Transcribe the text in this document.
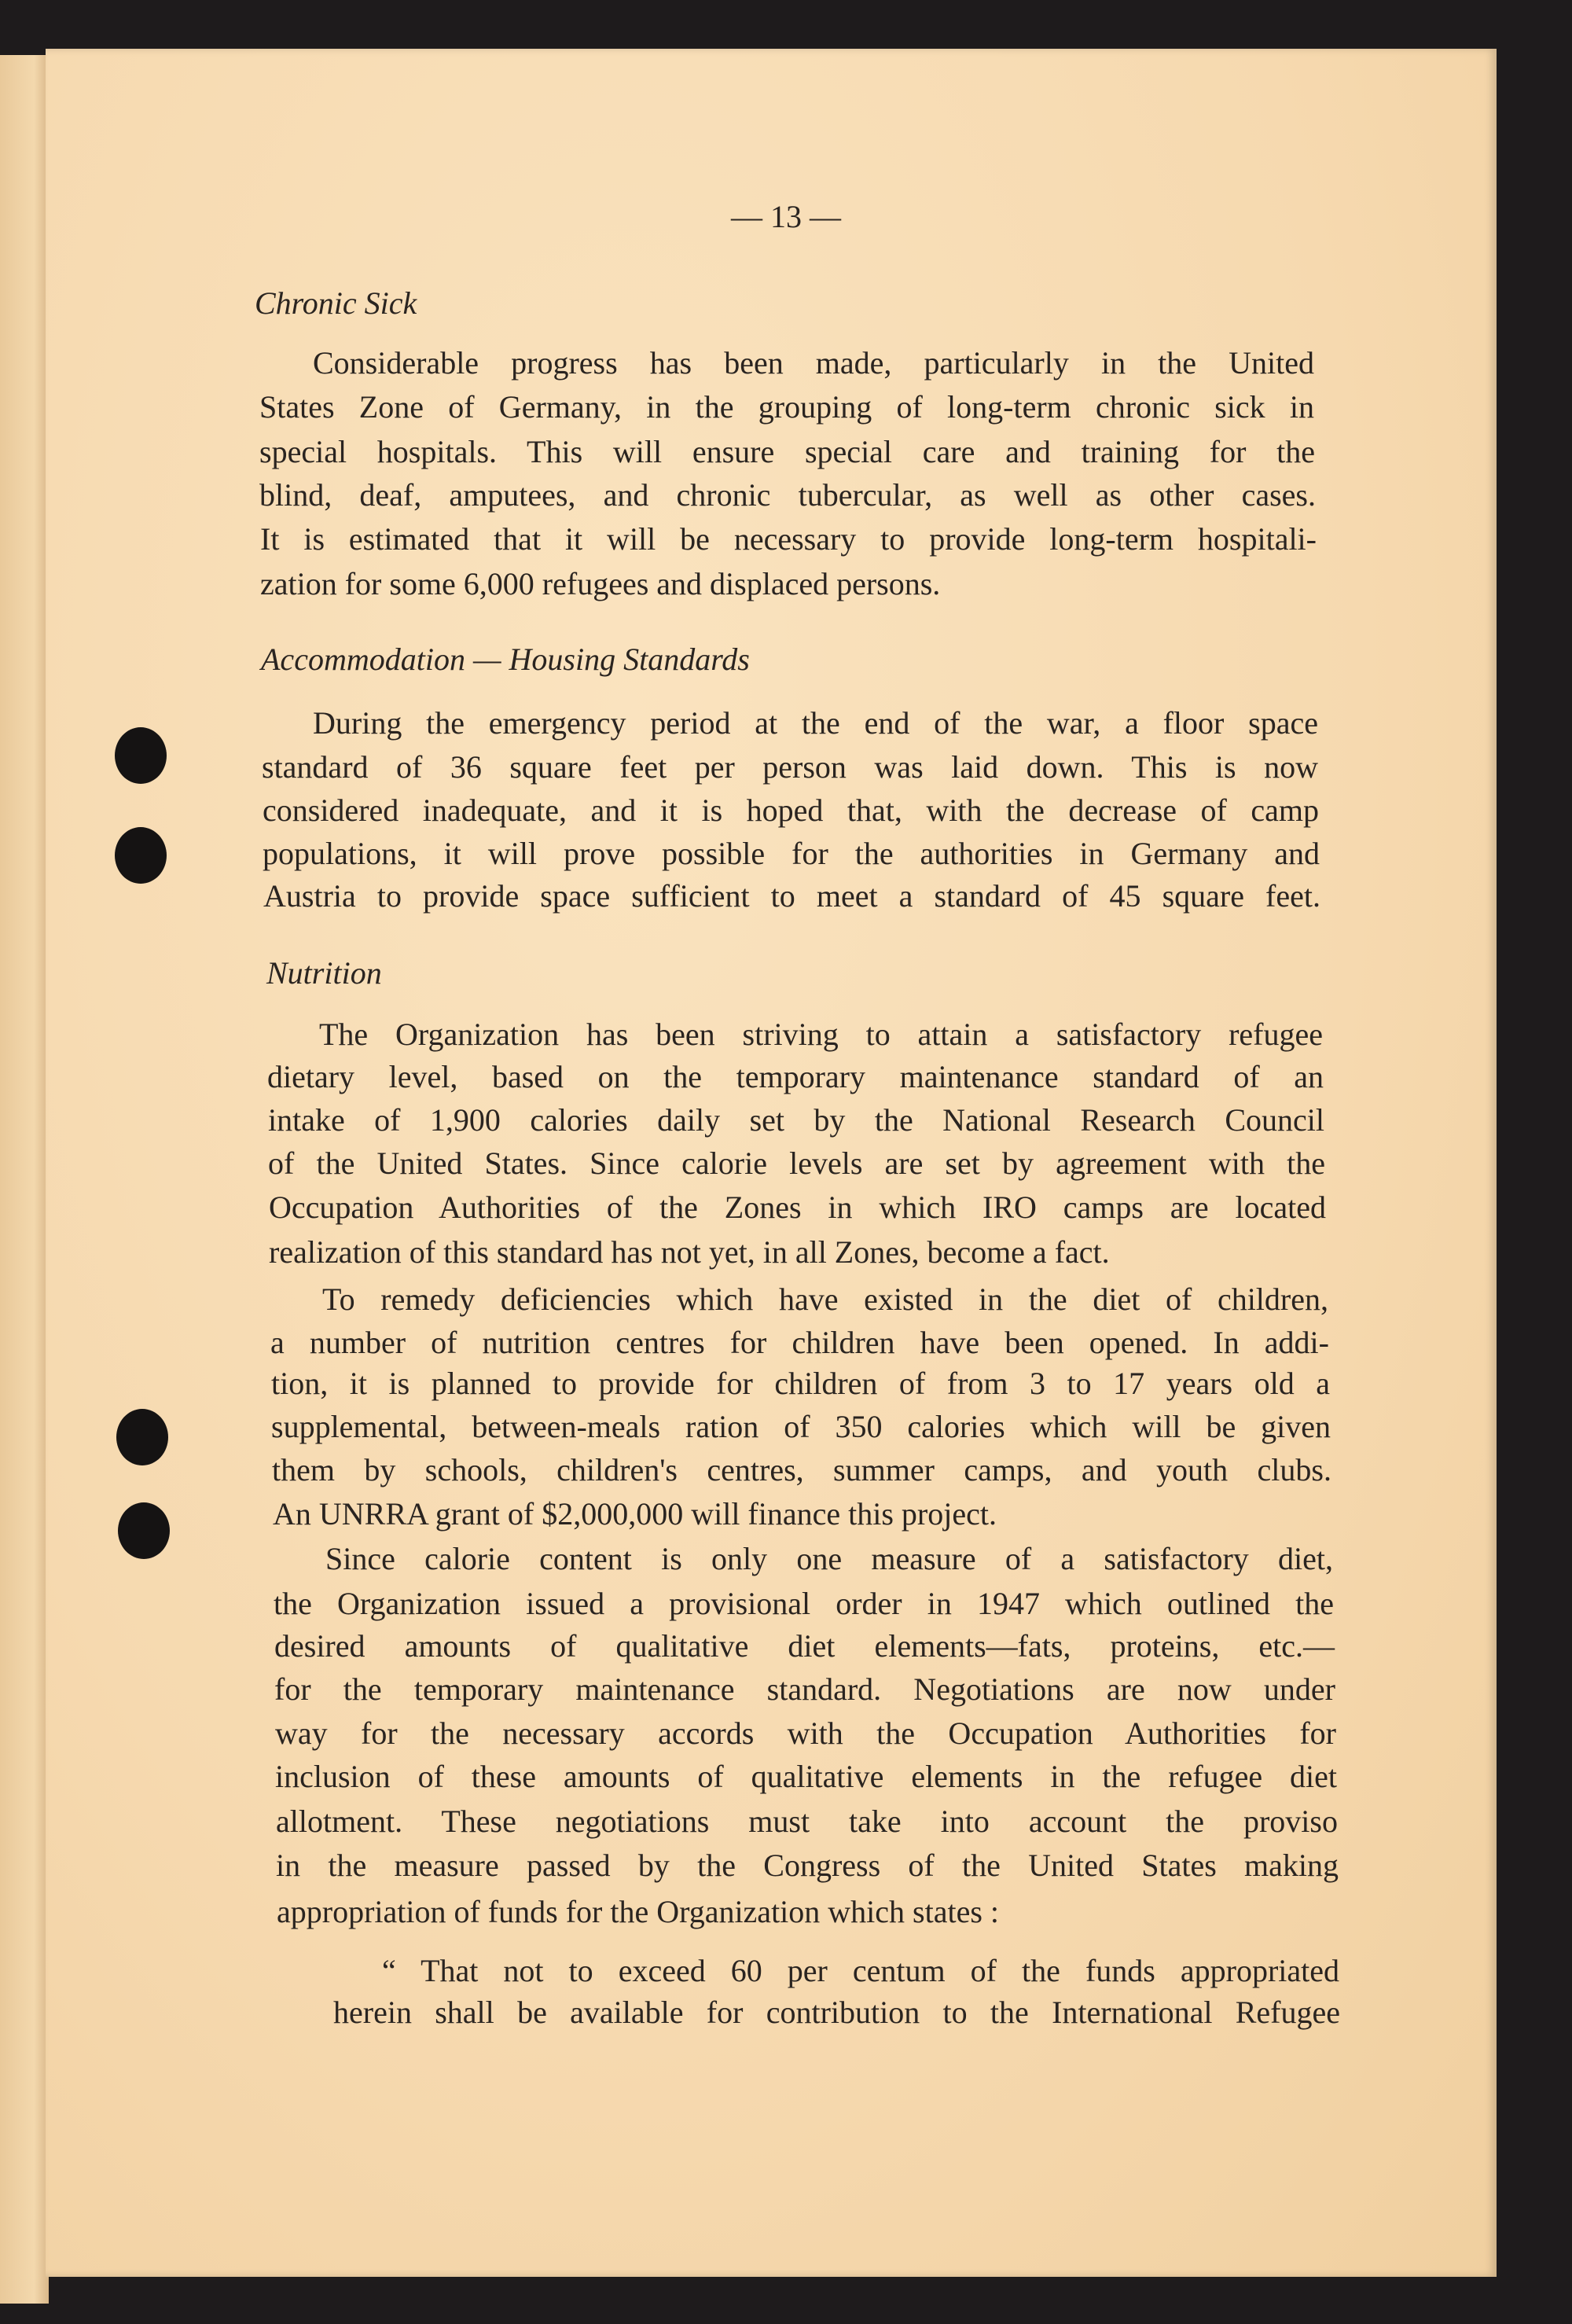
— 13 —
Chronic Sick
Considerable progress has been made, particularly in the United
States Zone of Germany, in the grouping of long-term chronic sick in
special hospitals. This will ensure special care and training for the
blind, deaf, amputees, and chronic tubercular, as well as other cases.
It is estimated that it will be necessary to provide long-term hospitali-
zation for some 6,000 refugees and displaced persons.
Accommodation — Housing Standards
During the emergency period at the end of the war, a floor space
standard of 36 square feet per person was laid down. This is now
considered inadequate, and it is hoped that, with the decrease of camp
populations, it will prove possible for the authorities in Germany and
Austria to provide space sufficient to meet a standard of 45 square feet.
Nutrition
The Organization has been striving to attain a satisfactory refugee
dietary level, based on the temporary maintenance standard of an
intake of 1,900 calories daily set by the National Research Council
of the United States. Since calorie levels are set by agreement with the
Occupation Authorities of the Zones in which IRO camps are located
realization of this standard has not yet, in all Zones, become a fact.
To remedy deficiencies which have existed in the diet of children,
a number of nutrition centres for children have been opened. In addi-
tion, it is planned to provide for children of from 3 to 17 years old a
supplemental, between-meals ration of 350 calories which will be given
them by schools, children's centres, summer camps, and youth clubs.
An UNRRA grant of $2,000,000 will finance this project.
Since calorie content is only one measure of a satisfactory diet,
the Organization issued a provisional order in 1947 which outlined the
desired amounts of qualitative diet elements—fats, proteins, etc.—
for the temporary maintenance standard. Negotiations are now under
way for the necessary accords with the Occupation Authorities for
inclusion of these amounts of qualitative elements in the refugee diet
allotment. These negotiations must take into account the proviso
in the measure passed by the Congress of the United States making
appropriation of funds for the Organization which states :
“ That not to exceed 60 per centum of the funds appropriated
herein shall be available for contribution to the International Refugee
